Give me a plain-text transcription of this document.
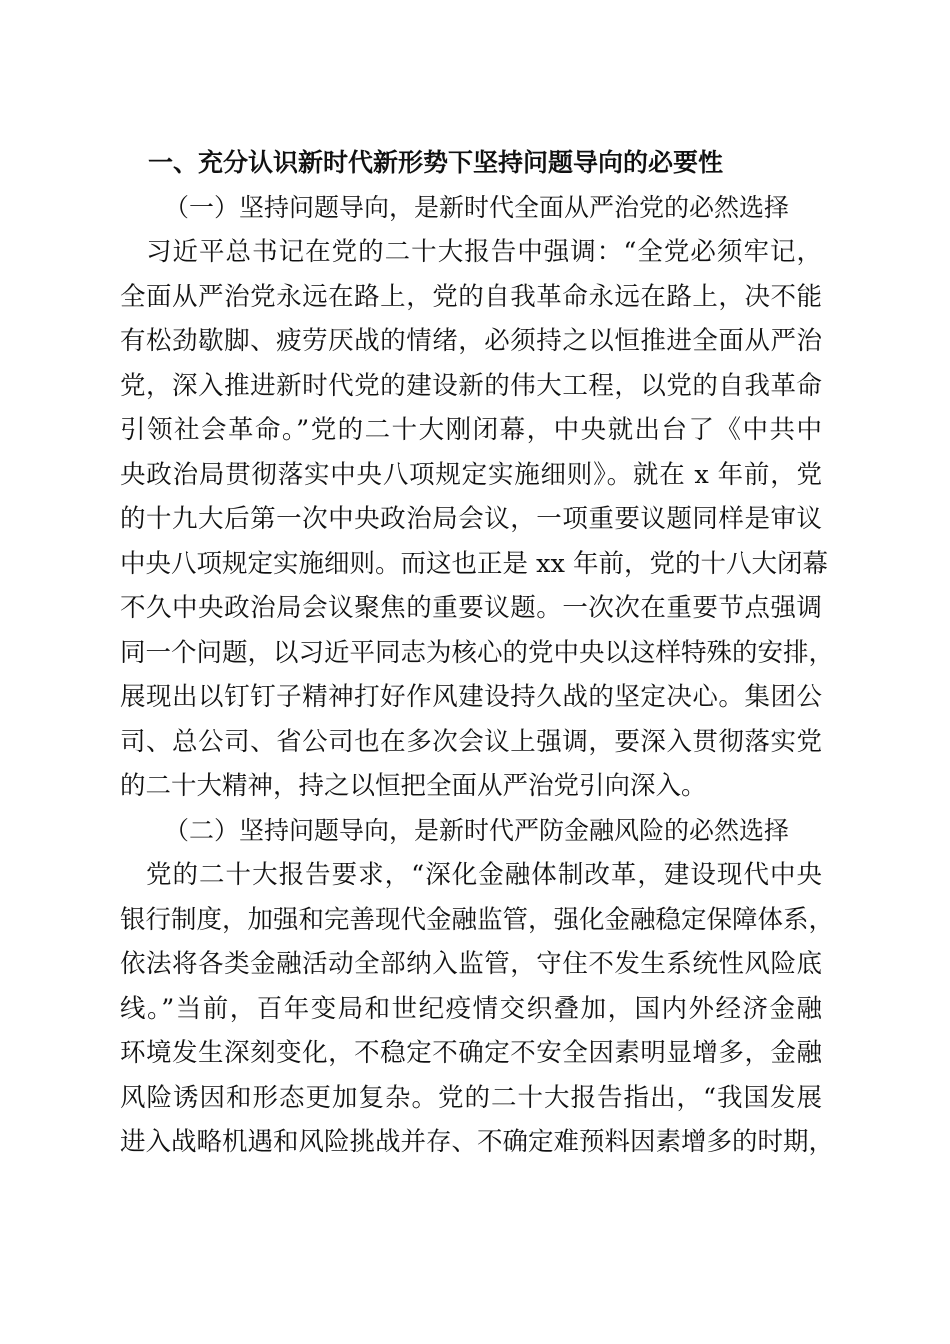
一、充分认识新时代新形势下坚持问题导向的必要性
（一）坚持问题导向，是新时代全面从严治党的必然选择
习近平总书记在党的二十大报告中强调：“全党必须牢记，
全面从严治党永远在路上，党的自我革命永远在路上，决不能
有松劲歇脚、疲劳厌战的情绪，必须持之以恒推进全面从严治
党，深入推进新时代党的建设新的伟大工程，以党的自我革命
引领社会革命。”党的二十大刚闭幕，中央就出台了《中共中
央政治局贯彻落实中央八项规定实施细则》。就在 x 年前，党
的十九大后第一次中央政治局会议，一项重要议题同样是审议
中央八项规定实施细则。而这也正是 xx 年前，党的十八大闭幕
不久中央政治局会议聚焦的重要议题。一次次在重要节点强调
同一个问题，以习近平同志为核心的党中央以这样特殊的安排，
展现出以钉钉子精神打好作风建设持久战的坚定决心。集团公
司、总公司、省公司也在多次会议上强调，要深入贯彻落实党
的二十大精神，持之以恒把全面从严治党引向深入。
（二）坚持问题导向，是新时代严防金融风险的必然选择
党的二十大报告要求，“深化金融体制改革，建设现代中央
银行制度，加强和完善现代金融监管，强化金融稳定保障体系，
依法将各类金融活动全部纳入监管，守住不发生系统性风险底
线。”当前，百年变局和世纪疫情交织叠加，国内外经济金融
环境发生深刻变化，不稳定不确定不安全因素明显增多，金融
风险诱因和形态更加复杂。党的二十大报告指出，“我国发展
进入战略机遇和风险挑战并存、不确定难预料因素增多的时期，
